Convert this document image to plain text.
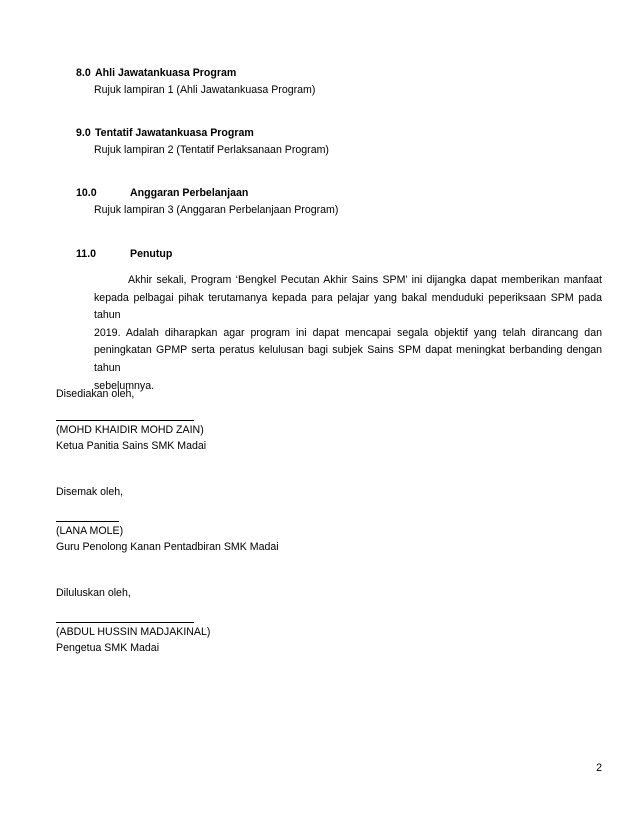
8.0 Ahli Jawatankuasa Program
Rujuk lampiran 1 (Ahli Jawatankuasa Program)
9.0 Tentatif Jawatankuasa Program
Rujuk lampiran 2 (Tentatif Perlaksanaan Program)
10.0	Anggaran Perbelanjaan
Rujuk lampiran 3 (Anggaran Perbelanjaan Program)
11.0	Penutup
Akhir sekali, Program ‘Bengkel Pecutan Akhir Sains SPM’ ini dijangka dapat memberikan manfaat
kepada pelbagai pihak terutamanya kepada para pelajar yang bakal menduduki peperiksaan SPM pada tahun
2019. Adalah diharapkan agar program ini dapat mencapai segala objektif yang telah dirancang dan
peningkatan GPMP serta peratus kelulusan bagi subjek Sains SPM dapat meningkat berbanding dengan tahun
sebelumnya.
Disediakan oleh,
(MOHD KHAIDIR MOHD ZAIN)
Ketua Panitia Sains SMK Madai
Disemak oleh,
(LANA MOLE)
Guru Penolong Kanan Pentadbiran SMK Madai
Diluluskan oleh,
(ABDUL HUSSIN MADJAKINAL)
Pengetua SMK Madai
2
